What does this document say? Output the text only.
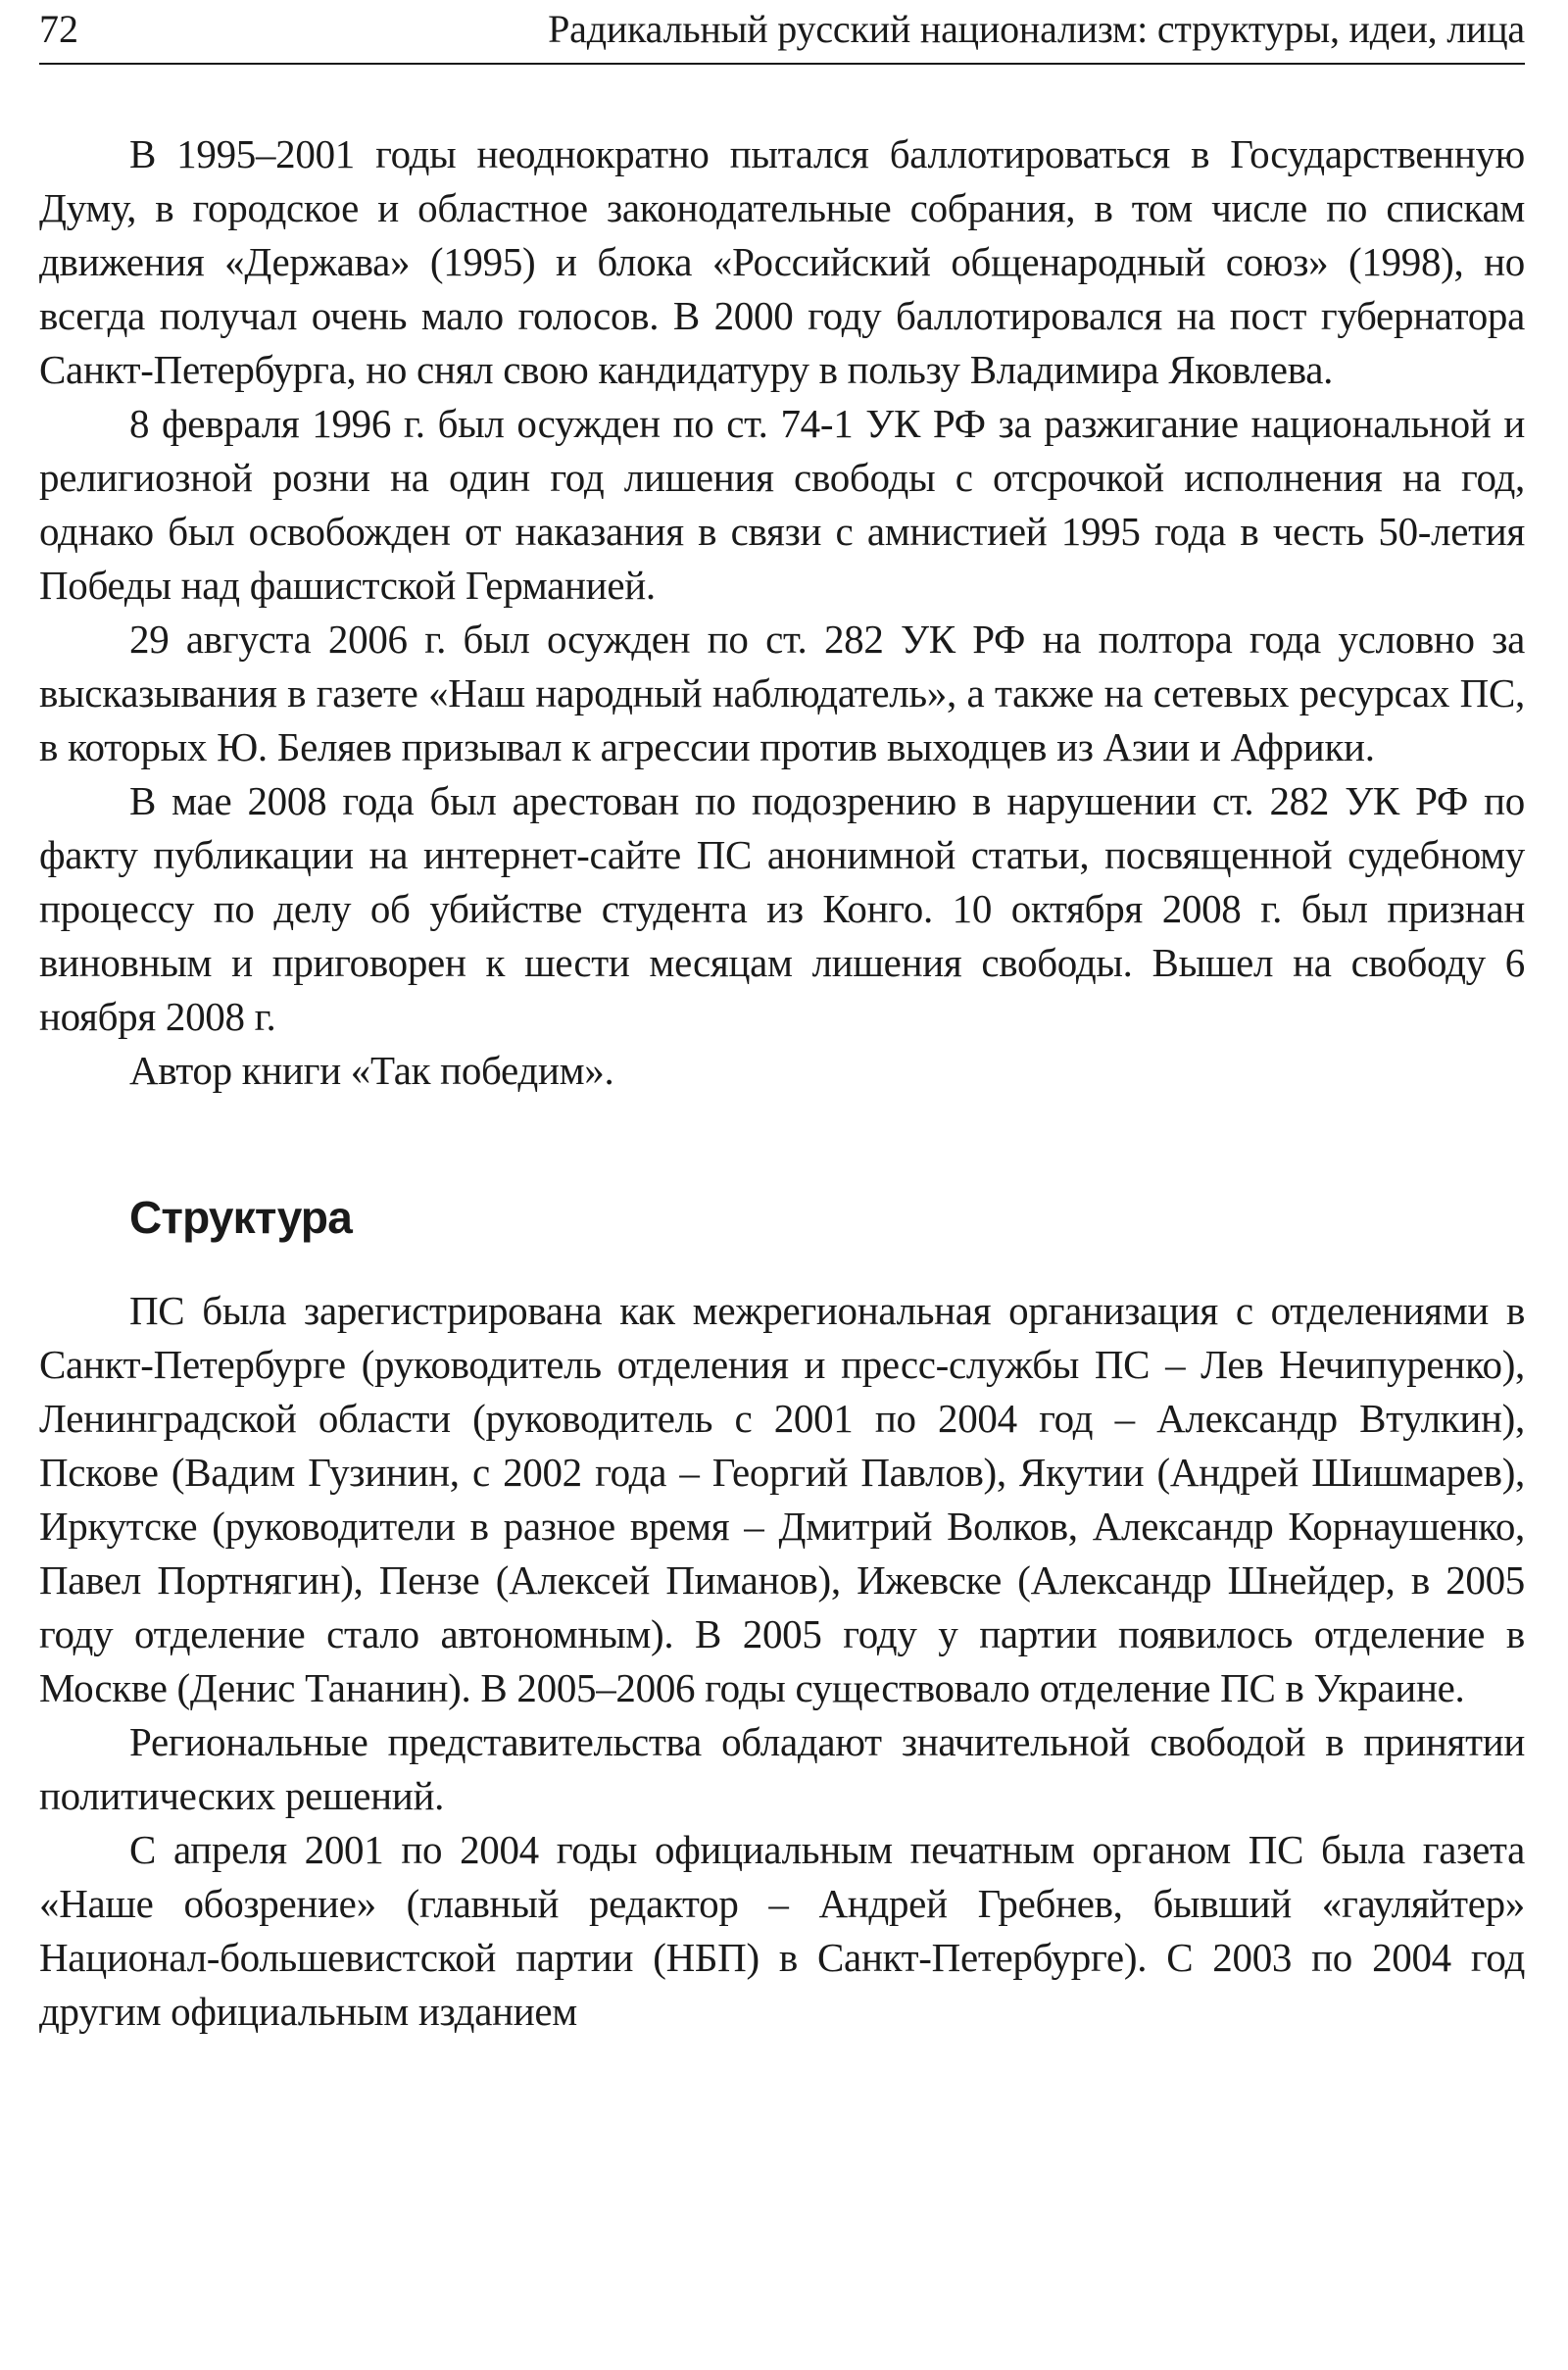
72	Радикальный русский национализм: структуры, идеи, лица

В 1995–2001 годы неоднократно пытался баллотироваться в Государственную Думу, в городское и областное законодательные собрания, в том числе по спискам движения «Держава» (1995) и блока «Российский общенародный союз» (1998), но всегда получал очень мало голосов. В 2000 году баллотировался на пост губернатора Санкт-Петербурга, но снял свою кандидатуру в пользу Владимира Яковлева.

8 февраля 1996 г. был осужден по ст. 74-1 УК РФ за разжигание национальной и религиозной розни на один год лишения свободы с отсрочкой исполнения на год, однако был освобожден от наказания в связи с амнистией 1995 года в честь 50-летия Победы над фашистской Германией.

29 августа 2006 г. был осужден по ст. 282 УК РФ на полтора года условно за высказывания в газете «Наш народный наблюдатель», а также на сетевых ресурсах ПС, в которых Ю. Беляев призывал к агрессии против выходцев из Азии и Африки.

В мае 2008 года был арестован по подозрению в нарушении ст. 282 УК РФ по факту публикации на интернет-сайте ПС анонимной статьи, посвященной судебному процессу по делу об убийстве студента из Конго. 10 октября 2008 г. был признан виновным и приговорен к шести месяцам лишения свободы. Вышел на свободу 6 ноября 2008 г.

Автор книги «Так победим».

Структура

ПС была зарегистрирована как межрегиональная организация с отделениями в Санкт-Петербурге (руководитель отделения и пресс-службы ПС – Лев Нечипуренко), Ленинградской области (руководитель с 2001 по 2004 год – Александр Втулкин), Пскове (Вадим Гузинин, с 2002 года – Георгий Павлов), Якутии (Андрей Шишмарев), Иркутске (руководители в разное время – Дмитрий Волков, Александр Корнаушенко, Павел Портнягин), Пензе (Алексей Пиманов), Ижевске (Александр Шнейдер, в 2005 году отделение стало автономным). В 2005 году у партии появилось отделение в Москве (Денис Тананин). В 2005–2006 годы существовало отделение ПС в Украине.

Региональные представительства обладают значительной свободой в принятии политических решений.

С апреля 2001 по 2004 годы официальным печатным органом ПС была газета «Наше обозрение» (главный редактор – Андрей Гребнев, бывший «гауляйтер» Национал-большевистской партии (НБП) в Санкт-Петербурге). С 2003 по 2004 год другим официальным изданием
